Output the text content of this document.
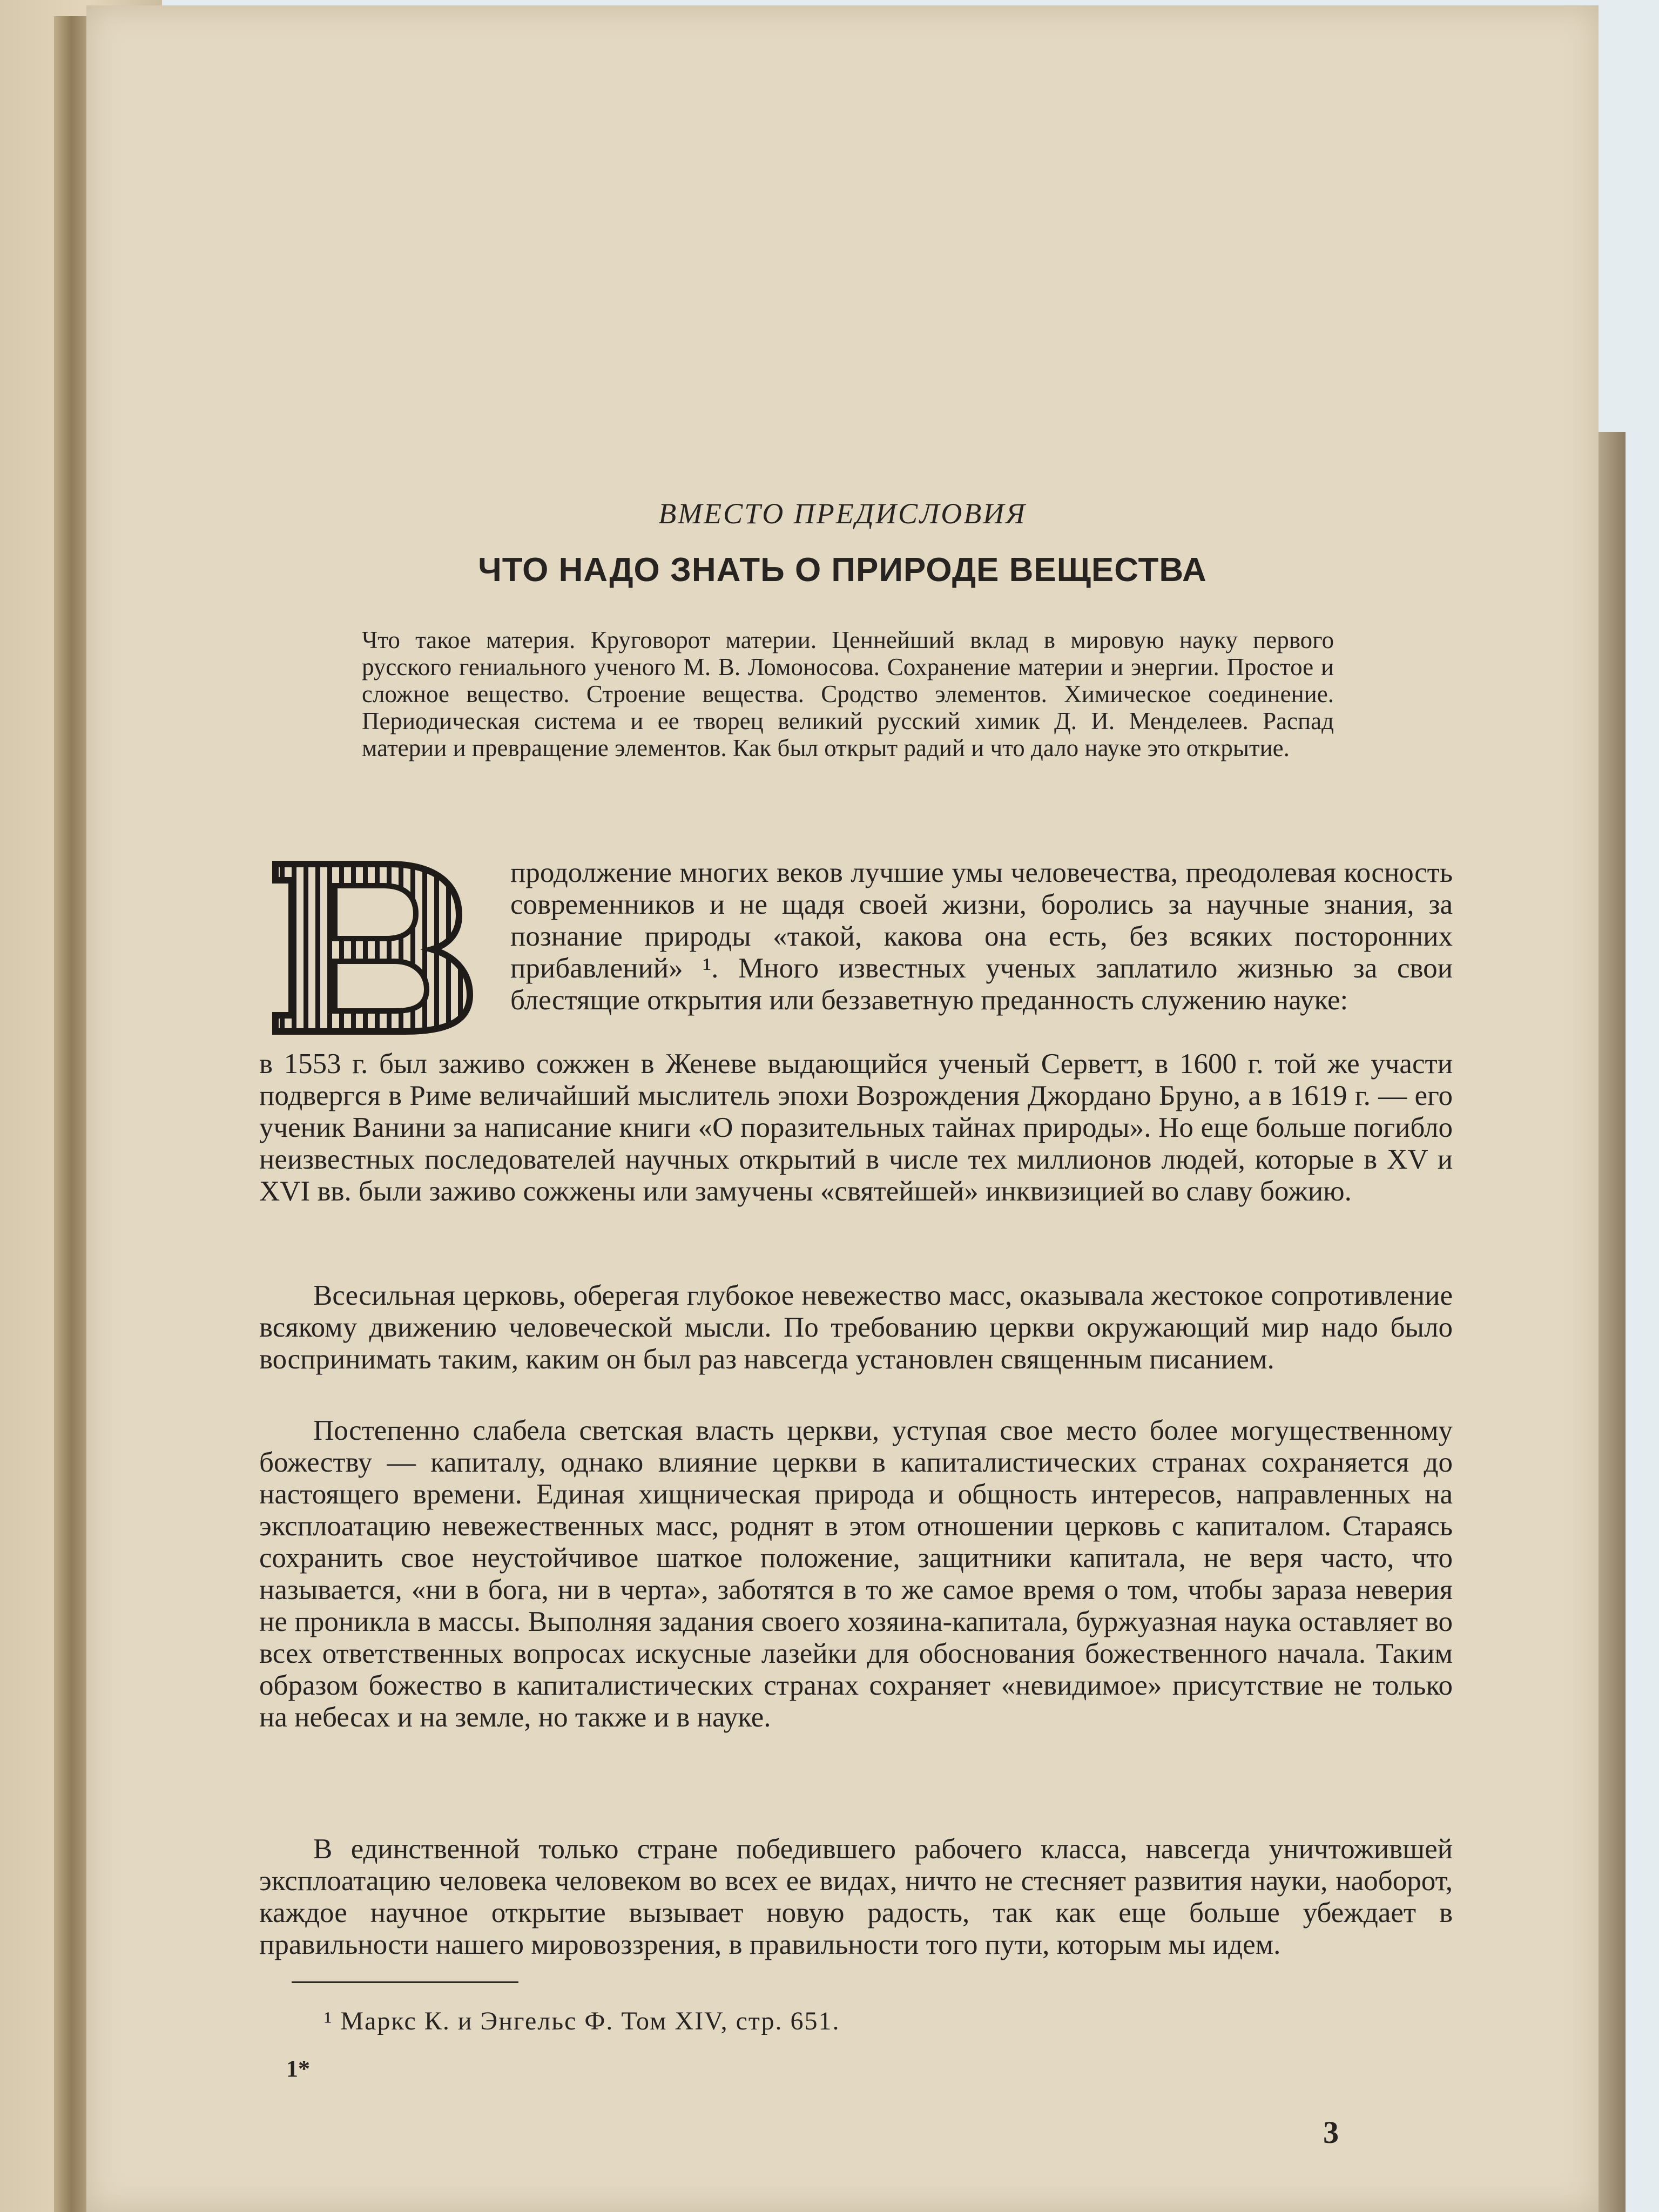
ВМЕСТО ПРЕДИСЛОВИЯ
ЧТО НАДО ЗНАТЬ О ПРИРОДЕ ВЕЩЕСТВА
Что такое материя. Круговорот материи. Ценнейший вклад в мировую науку первого русского гениального ученого М. В. Ломоносова. Сохранение материи и энергии. Простое и сложное вещество. Строение вещества. Сродство элементов. Химическое соединение. Периодическая система и ее творец великий русский химик Д. И. Менделеев. Распад материи и превращение элементов. Как был открыт радий и что дало науке это открытие.
продолжение многих веков лучшие умы человечества, преодолевая косность современников и не щадя своей жизни, боролись за научные знания, за познание природы «такой, какова она есть, без всяких посторонних прибавлений» ¹. Много известных ученых заплатило жизнью за свои блестящие открытия или беззаветную преданность служению науке:
в 1553 г. был заживо сожжен в Женеве выдающийся ученый Серветт, в 1600 г. той же участи подвергся в Риме величайший мыслитель эпохи Возрождения Джордано Бруно, а в 1619 г. — его ученик Ванини за написание книги «О поразительных тайнах природы». Но еще больше погибло неизвестных последователей научных открытий в числе тех миллионов людей, которые в XV и XVI вв. были заживо сожжены или замучены «святейшей» инквизицией во славу божию.
Всесильная церковь, оберегая глубокое невежество масс, оказывала жестокое сопротивление всякому движению человеческой мысли. По требованию церкви окружающий мир надо было воспринимать таким, каким он был раз навсегда установлен священным писанием.
Постепенно слабела светская власть церкви, уступая свое место более могущественному божеству — капиталу, однако влияние церкви в капиталистических странах сохраняется до настоящего времени. Единая хищническая природа и общность интересов, направленных на эксплоатацию невежественных масс, роднят в этом отношении церковь с капиталом. Стараясь сохранить свое неустойчивое шаткое положение, защитники капитала, не веря часто, что называется, «ни в бога, ни в черта», заботятся в то же самое время о том, чтобы зараза неверия не проникла в массы. Выполняя задания своего хозяина-капитала, буржуазная наука оставляет во всех ответственных вопросах искусные лазейки для обоснования божественного начала. Таким образом божество в капиталистических странах сохраняет «невидимое» присутствие не только на небесах и на земле, но также и в науке.
В единственной только стране победившего рабочего класса, навсегда уничтожившей эксплоатацию человека человеком во всех ее видах, ничто не стесняет развития науки, наоборот, каждое научное открытие вызывает новую радость, так как еще больше убеждает в правильности нашего мировоззрения, в правильности того пути, которым мы идем.
¹ Маркс К. и Энгельс Ф. Том XIV, стр. 651.
1*
3
